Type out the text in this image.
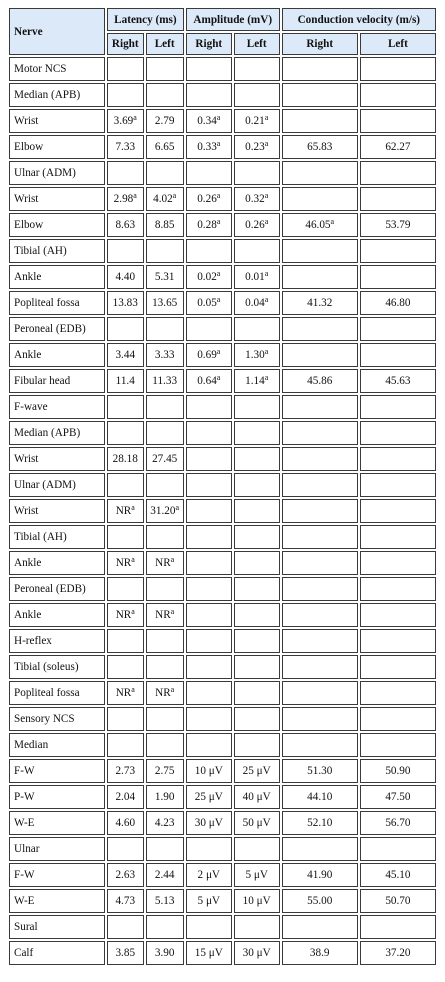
Nerve	Latency (ms)		Amplitude (mV)		Conduction velocity (m/s)	
	Right	Left	Right	Left	Right	Left
Motor NCS						
Median (APB)						
Wrist	3.69$^a$	2.79	0.34$^a$	0.21$^a$		
Elbow	7.33	6.65	0.33$^a$	0.23$^a$	65.83	62.27
Ulnar (ADM)						
Wrist	2.98$^a$	4.02$^a$	0.26$^a$	0.32$^a$		
Elbow	8.63	8.85	0.28$^a$	0.26$^a$	46.05$^a$	53.79
Tibial (AH)						
Ankle	4.40	5.31	0.02$^a$	0.01$^a$		
Popliteal fossa	13.83	13.65	0.05$^a$	0.04$^a$	41.32	46.80
Peroneal (EDB)						
Ankle	3.44	3.33	0.69$^a$	1.30$^a$		
Fibular head	11.4	11.33	0.64$^a$	1.14$^a$	45.86	45.63
F-wave						
Median (APB)						
Wrist	28.18	27.45				
Ulnar (ADM)						
Wrist	$NR^a$	31.20$^a$				
Tibial (AH)						
Ankle	$NR^a$	$NR^a$				
Peroneal (EDB)						
Ankle	$NR^a$	$NR^a$				
H-reflex						
Tibial (soleus)						
Popliteal fossa	$NR^a$	$NR^a$				
Sensory NCS						
Median						
F-W	2.73	2.75	10 μV	25 μV	51.30	50.90
P-W	2.04	1.90	25 μV	40 μV	44.10	47.50
W-E	4.60	4.23	30 μV	50 μV	52.10	56.70
Ulnar						
F-W	2.63	2.44	2 μV	5 μV	41.90	45.10
W-E	4.73	5.13	5 μV	10 μV	55.00	50.70
Sural						
Calf	3.85	3.90	15 μV	30 μV	38.9	37.20
